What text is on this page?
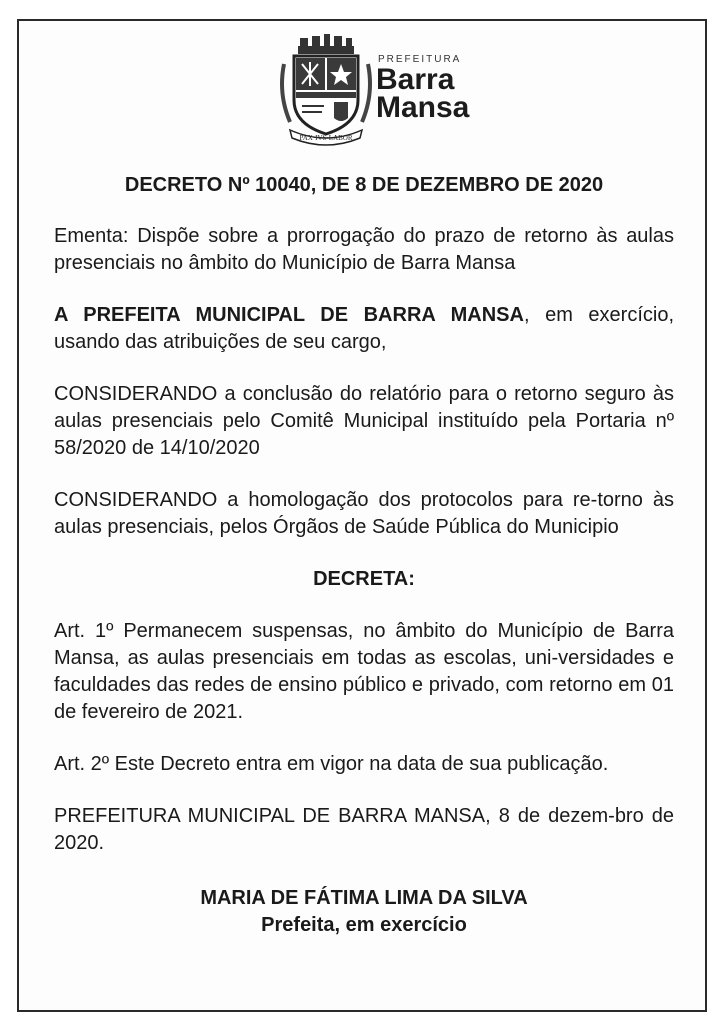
PAX·IVS·LABOR
PREFEITURA
Barra
Mansa
DECRETO Nº 10040, DE 8 DE DEZEMBRO DE 2020

Ementa: Dispõe sobre a prorrogação do prazo de retorno às aulas presenciais no âmbito do Município de Barra Mansa

A PREFEITA MUNICIPAL DE BARRA MANSA, em exercício, usando das atribuições de seu cargo,

CONSIDERANDO a conclusão do relatório para o retorno seguro às aulas presenciais pelo Comitê Municipal instituído pela Portaria nº 58/2020 de 14/10/2020

CONSIDERANDO a homologação dos protocolos para re-torno às aulas presenciais, pelos Órgãos de Saúde Pública do Municipio

DECRETA:

Art. 1º Permanecem suspensas, no âmbito do Município de Barra Mansa, as aulas presenciais em todas as escolas, uni-versidades e faculdades das redes de ensino público e privado, com retorno em 01 de fevereiro de 2021.

Art. 2º Este Decreto entra em vigor na data de sua publicação.

PREFEITURA MUNICIPAL DE BARRA MANSA, 8 de dezem-bro de 2020.

MARIA DE FÁTIMA LIMA DA SILVA
Prefeita, em exercício
